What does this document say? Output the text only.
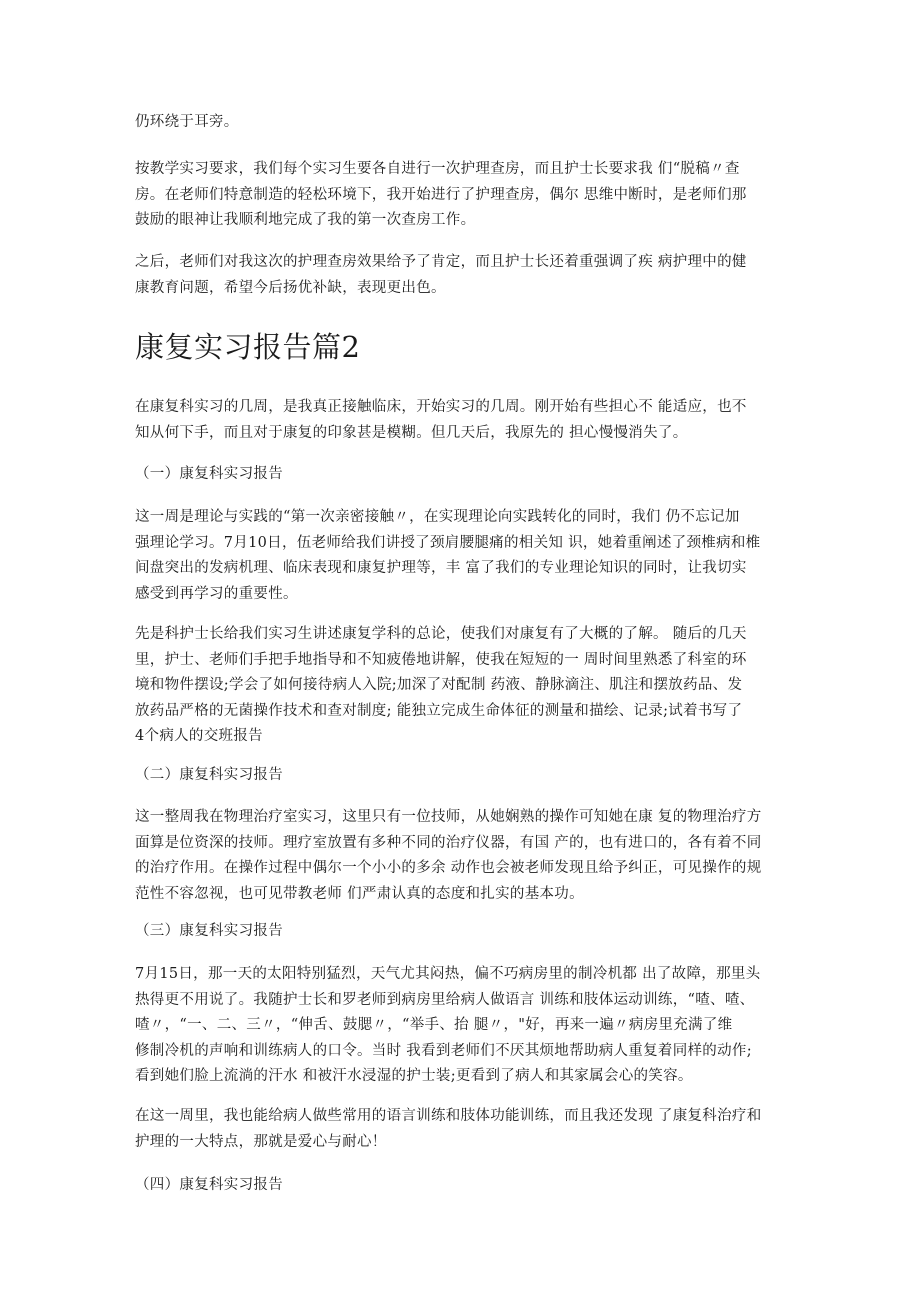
仍环绕于耳旁。
按教学实习要求，我们每个实习生要各自进行一次护理查房，而且护士长要求我 们“脱稿〃查
房。在老师们特意制造的轻松环境下，我开始进行了护理查房，偶尔 思维中断时，是老师们那
鼓励的眼神让我顺利地完成了我的第一次查房工作。
之后，老师们对我这次的护理查房效果给予了肯定，而且护士长还着重强调了疾 病护理中的健
康教育问题，希望今后扬优补缺，表现更出色。
康复实习报告篇2
在康复科实习的几周，是我真正接触临床，开始实习的几周。刚开始有些担心不 能适应，也不
知从何下手，而且对于康复的印象甚是模糊。但几天后，我原先的 担心慢慢消失了。
（一）康复科实习报告
这一周是理论与实践的“第一次亲密接触〃，在实现理论向实践转化的同时，我们 仍不忘记加
强理论学习。7月10日，伍老师给我们讲授了颈肩腰腿痛的相关知 识，她着重阐述了颈椎病和椎
间盘突出的发病机理、临床表现和康复护理等，丰 富了我们的专业理论知识的同时，让我切实
感受到再学习的重要性。
先是科护士长给我们实习生讲述康复学科的总论，使我们对康复有了大概的了解。 随后的几天
里，护士、老师们手把手地指导和不知疲倦地讲解，使我在短短的一 周时间里熟悉了科室的环
境和物件摆设;学会了如何接待病人入院;加深了对配制 药液、静脉滴注、肌注和摆放药品、发
放药品严格的无菌操作技术和查对制度; 能独立完成生命体征的测量和描绘、记录;试着书写了
4个病人的交班报告
（二）康复科实习报告
这一整周我在物理治疗室实习，这里只有一位技师，从她娴熟的操作可知她在康 复的物理治疗方
面算是位资深的技师。理疗室放置有多种不同的治疗仪器，有国 产的，也有进口的，各有着不同
的治疗作用。在操作过程中偶尔一个小小的多余 动作也会被老师发现且给予纠正，可见操作的规
范性不容忽视，也可见带教老师 们严肃认真的态度和扎实的基本功。
（三）康复科实习报告
7月15日，那一天的太阳特别猛烈，天气尤其闷热，偏不巧病房里的制冷机都 出了故障，那里头
热得更不用说了。我随护士长和罗老师到病房里给病人做语言 训练和肢体运动训练，“喳、喳、
喳〃，“一、二、三〃，“伸舌、鼓腮〃，“举手、抬 腿〃，"好，再来一遍〃病房里充满了维
修制冷机的声响和训练病人的口令。当时 我看到老师们不厌其烦地帮助病人重复着同样的动作;
看到她们脸上流淌的汗水 和被汗水浸湿的护士装;更看到了病人和其家属会心的笑容。
在这一周里，我也能给病人做些常用的语言训练和肢体功能训练，而且我还发现 了康复科治疗和
护理的一大特点，那就是爱心与耐心！
（四）康复科实习报告
